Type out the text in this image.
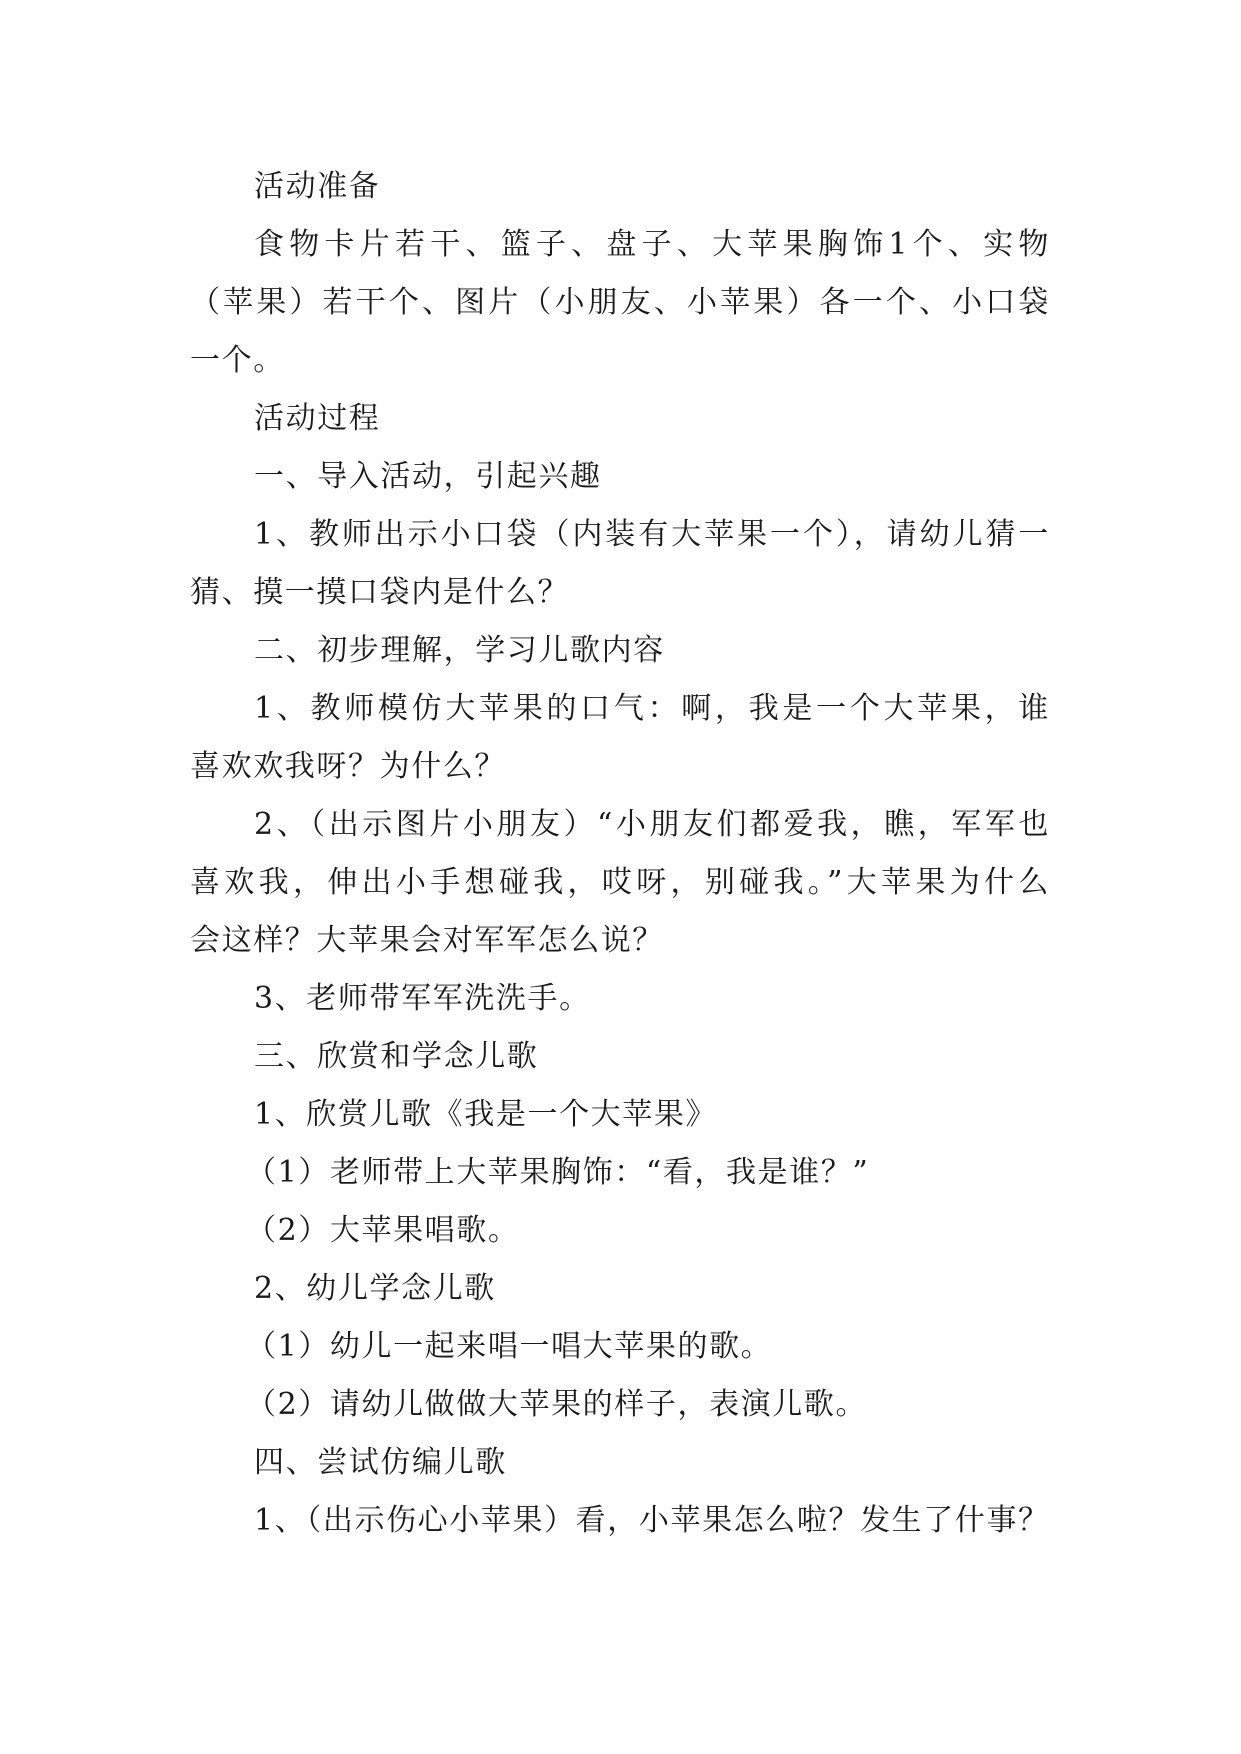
活动准备
食物卡片若干、篮子、盘子、大苹果胸饰1个、实物
（苹果）若干个、图片（小朋友、小苹果）各一个、小口袋
一个。
活动过程
一、导入活动，引起兴趣
1、教师出示小口袋（内装有大苹果一个），请幼儿猜一
猜、摸一摸口袋内是什么？
二、初步理解，学习儿歌内容
1、教师模仿大苹果的口气：啊，我是一个大苹果，谁
喜欢欢我呀？为什么？
2、（出示图片小朋友）“小朋友们都爱我，瞧，军军也
喜欢我，伸出小手想碰我，哎呀，别碰我。”大苹果为什么
会这样？大苹果会对军军怎么说？
3、老师带军军洗洗手。
三、欣赏和学念儿歌
1、欣赏儿歌《我是一个大苹果》
（1）老师带上大苹果胸饰：“看，我是谁？”
（2）大苹果唱歌。
2、幼儿学念儿歌
（1）幼儿一起来唱一唱大苹果的歌。
（2）请幼儿做做大苹果的样子，表演儿歌。
四、尝试仿编儿歌
1、（出示伤心小苹果）看，小苹果怎么啦？发生了什事？
